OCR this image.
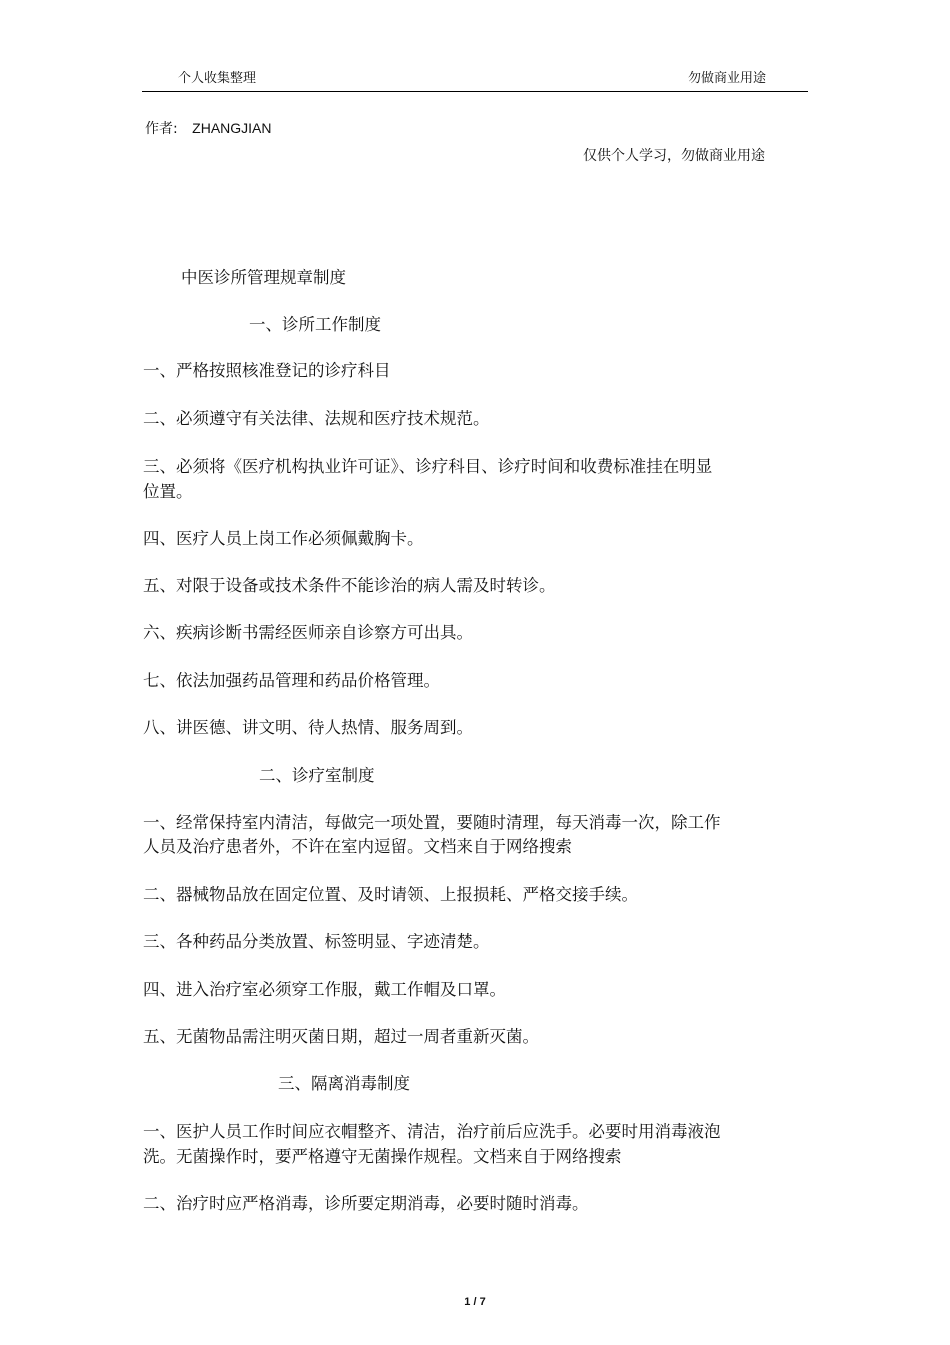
个人收集整理	勿做商业用途
作者: ZHANGJIAN
仅供个人学习，勿做商业用途
中医诊所管理规章制度
一、诊所工作制度
一、严格按照核准登记的诊疗科目
二、必须遵守有关法律、法规和医疗技术规范。
三、必须将《医疗机构执业许可证》、诊疗科目、诊疗时间和收费标准挂在明显
位置。
四、医疗人员上岗工作必须佩戴胸卡。
五、对限于设备或技术条件不能诊治的病人需及时转诊。
六、疾病诊断书需经医师亲自诊察方可出具。
七、依法加强药品管理和药品价格管理。
八、讲医德、讲文明、待人热情、服务周到。
二、诊疗室制度
一、经常保持室内清洁，每做完一项处置，要随时清理，每天消毒一次，除工作
人员及治疗患者外，不许在室内逗留。文档来自于网络搜索
二、器械物品放在固定位置、及时请领、上报损耗、严格交接手续。
三、各种药品分类放置、标签明显、字迹清楚。
四、进入治疗室必须穿工作服，戴工作帽及口罩。
五、无菌物品需注明灭菌日期，超过一周者重新灭菌。
三、隔离消毒制度
一、医护人员工作时间应衣帽整齐、清洁，治疗前后应洗手。必要时用消毒液泡
洗。无菌操作时，要严格遵守无菌操作规程。文档来自于网络搜索
二、治疗时应严格消毒，诊所要定期消毒，必要时随时消毒。
1 / 7
